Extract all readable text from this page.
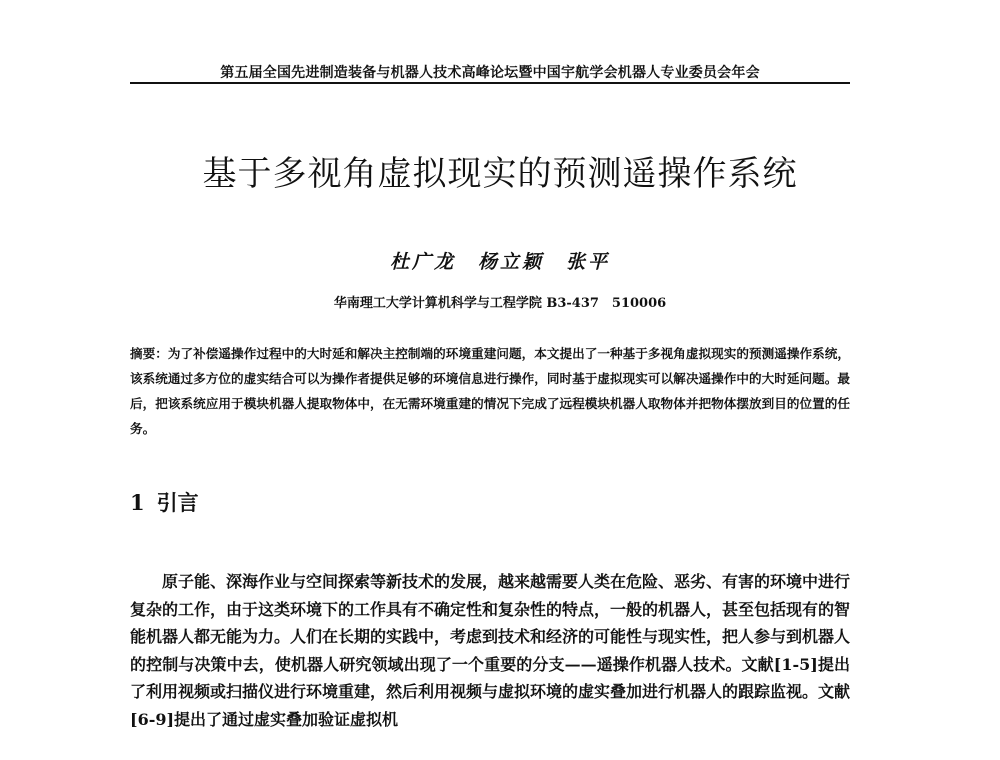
第五届全国先进制造装备与机器人技术高峰论坛暨中国宇航学会机器人专业委员会年会
基于多视角虚拟现实的预测遥操作系统
杜广龙　杨立颖　张平
华南理工大学计算机科学与工程学院 B3-437　510006
摘要：为了补偿遥操作过程中的大时延和解决主控制端的环境重建问题，本文提出了一种基于多视角虚拟现实的预测遥操作系统，该系统通过多方位的虚实结合可以为操作者提供足够的环境信息进行操作，同时基于虚拟现实可以解决遥操作中的大时延问题。最后，把该系统应用于模块机器人提取物体中，在无需环境重建的情况下完成了远程模块机器人取物体并把物体摆放到目的位置的任务。
1 引言
原子能、深海作业与空间探索等新技术的发展，越来越需要人类在危险、恶劣、有害的环境中进行复杂的工作，由于这类环境下的工作具有不确定性和复杂性的特点，一般的机器人，甚至包括现有的智能机器人都无能为力。人们在长期的实践中，考虑到技术和经济的可能性与现实性，把人参与到机器人的控制与决策中去，使机器人研究领域出现了一个重要的分支——遥操作机器人技术。文献[1-5]提出了利用视频或扫描仪进行环境重建，然后利用视频与虚拟环境的虚实叠加进行机器人的跟踪监视。文献[6-9]提出了通过虚实叠加验证虚拟机
